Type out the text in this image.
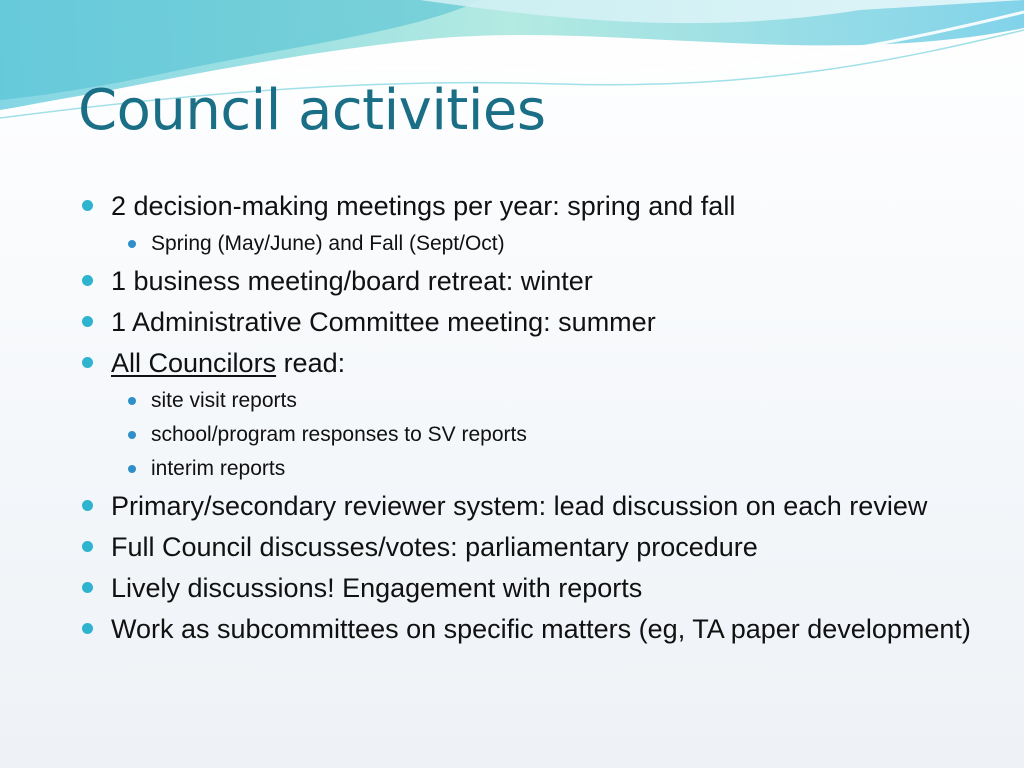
Council activities

2 decision-making meetings per year: spring and fall

Spring (May/June) and Fall (Sept/Oct)

1 business meeting/board retreat: winter

1 Administrative Committee meeting: summer

All Councilors read:

site visit reports

school/program responses to SV reports

interim reports

Primary/secondary reviewer system: lead discussion on each review

Full Council discusses/votes: parliamentary procedure

Lively discussions! Engagement with reports

Work as subcommittees on specific matters (eg, TA paper development)
